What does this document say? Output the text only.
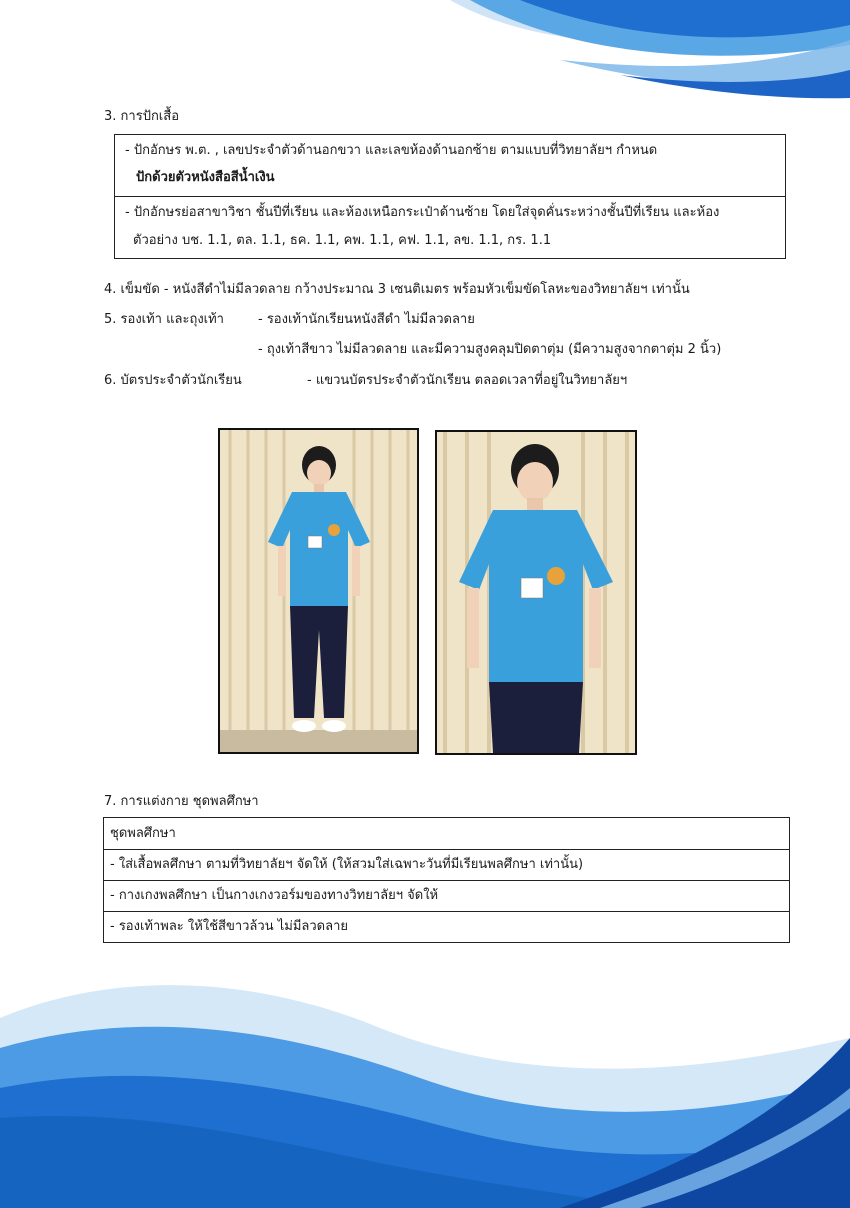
3. การปักเสื้อ
- ปักอักษร พ.ต. , เลขประจำตัวด้านอกขวา และเลขห้องด้านอกซ้าย ตามแบบที่วิทยาลัยฯ กำหนด
ปักด้วยตัวหนังสือสีน้ำเงิน
- ปักอักษรย่อสาขาวิชา ชั้นปีที่เรียน และห้องเหนือกระเป๋าด้านซ้าย โดยใส่จุดคั่นระหว่างชั้นปีที่เรียน และห้อง
ตัวอย่าง บช. 1.1, ตล. 1.1, ธค. 1.1, คพ. 1.1, คฟ. 1.1, ลข. 1.1, กร. 1.1
4. เข็มขัด - หนังสีดำไม่มีลวดลาย กว้างประมาณ 3 เซนติเมตร พร้อมหัวเข็มขัดโลหะของวิทยาลัยฯ เท่านั้น
5. รองเท้า และถุงเท้า	- รองเท้านักเรียนหนังสีดำ ไม่มีลวดลาย
- ถุงเท้าสีขาว ไม่มีลวดลาย และมีความสูงคลุมปิดตาตุ่ม (มีความสูงจากตาตุ่ม 2 นิ้ว)
6. บัตรประจำตัวนักเรียน	- แขวนบัตรประจำตัวนักเรียน ตลอดเวลาที่อยู่ในวิทยาลัยฯ
7. การแต่งกาย ชุดพลศึกษา
ชุดพลศึกษา
- ใส่เสื้อพลศึกษา ตามที่วิทยาลัยฯ จัดให้ (ให้สวมใส่เฉพาะวันที่มีเรียนพลศึกษา เท่านั้น)
- กางเกงพลศึกษา เป็นกางเกงวอร์มของทางวิทยาลัยฯ จัดให้
- รองเท้าพละ ให้ใช้สีขาวล้วน ไม่มีลวดลาย
